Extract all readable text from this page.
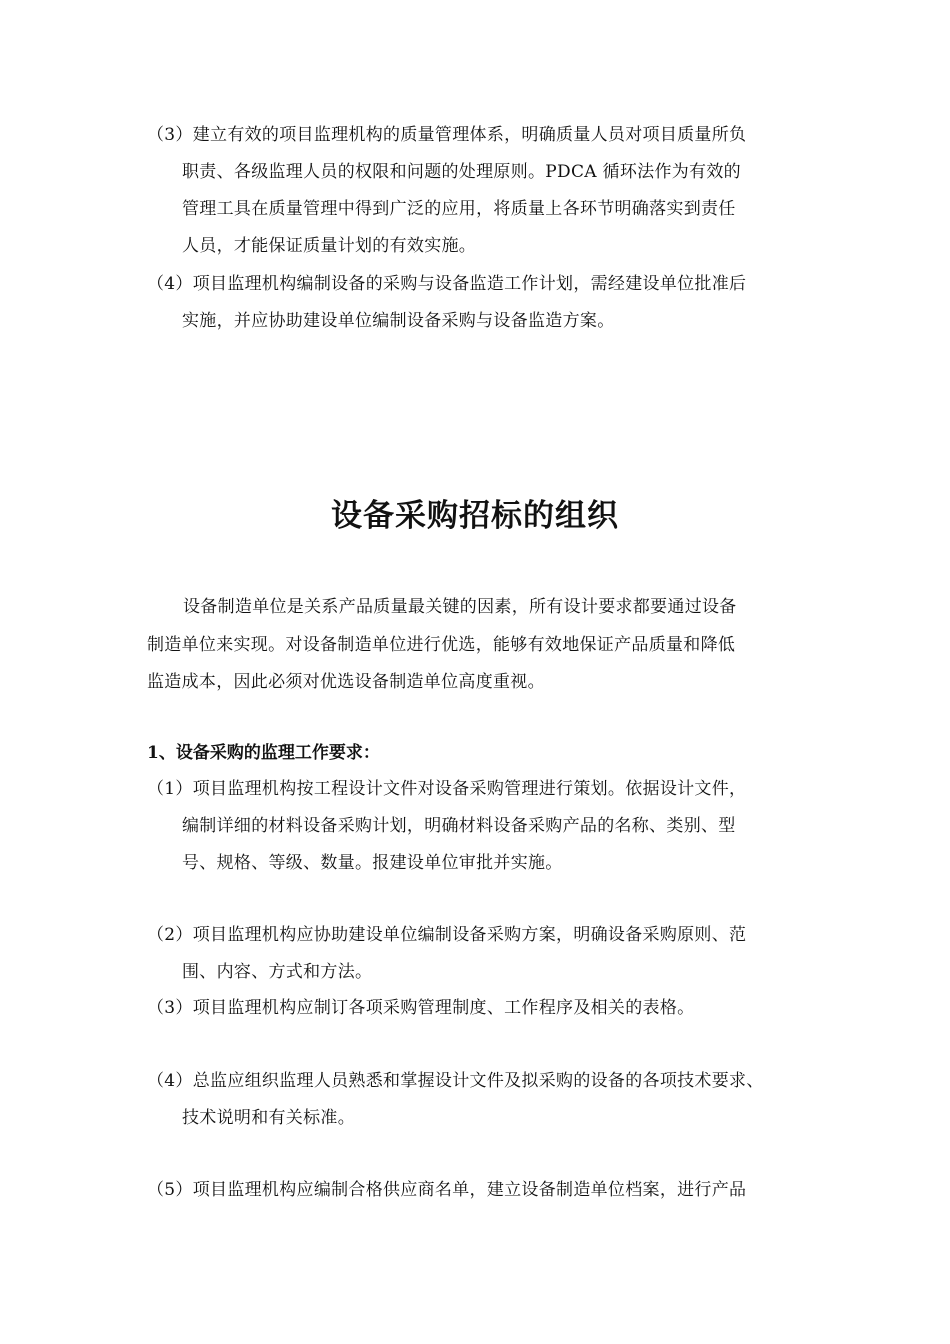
（3）建立有效的项目监理机构的质量管理体系，明确质量人员对项目质量所负
职责、各级监理人员的权限和问题的处理原则。PDCA 循环法作为有效的
管理工具在质量管理中得到广泛的应用，将质量上各环节明确落实到责任
人员，才能保证质量计划的有效实施。
（4）项目监理机构编制设备的采购与设备监造工作计划，需经建设单位批准后
实施，并应协助建设单位编制设备采购与设备监造方案。
设备采购招标的组织

设备制造单位是关系产品质量最关键的因素，所有设计要求都要通过设备
制造单位来实现。对设备制造单位进行优选，能够有效地保证产品质量和降低
监造成本，因此必须对优选设备制造单位高度重视。

1、设备采购的监理工作要求：
（1）项目监理机构按工程设计文件对设备采购管理进行策划。依据设计文件，
编制详细的材料设备采购计划，明确材料设备采购产品的名称、类别、型
号、规格、等级、数量。报建设单位审批并实施。
（2）项目监理机构应协助建设单位编制设备采购方案，明确设备采购原则、范
围、内容、方式和方法。
（3）项目监理机构应制订各项采购管理制度、工作程序及相关的表格。
（4）总监应组织监理人员熟悉和掌握设计文件及拟采购的设备的各项技术要求、
技术说明和有关标准。
（5）项目监理机构应编制合格供应商名单，建立设备制造单位档案，进行产品
